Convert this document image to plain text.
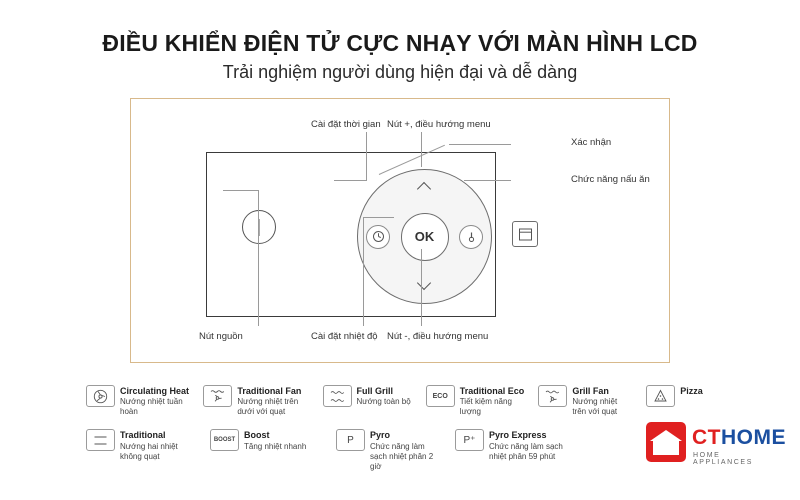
ĐIỀU KHIỂN ĐIỆN TỬ CỰC NHẠY VỚI MÀN HÌNH LCD
Trải nghiệm người dùng hiện đại và dễ dàng
OK
Cài đặt thời gian Nút +, điều hướng menu
Xác nhận
Chức năng nấu ăn
Nút nguồn	Cài đặt nhiệt độ Nút -, điều hướng menu
Circulating Heat
Nướng nhiệt tuần hoàn
Traditional Fan
Nướng nhiệt trên dưới với quạt
Full Grill
Nướng toàn bộ
ECO Traditional Eco
Tiết kiệm năng lượng
Grill Fan
Nướng nhiệt trên với quạt
Pizza
Traditional
Nướng hai nhiệt không quạt
BOOST Boost
Tăng nhiệt nhanh
P Pyro
Chức năng làm sạch nhiệt phân 2 giờ
P⁺ Pyro Express
Chức năng làm sạch nhiệt phân 59 phút
CTHOME
HOME APPLIANCES
